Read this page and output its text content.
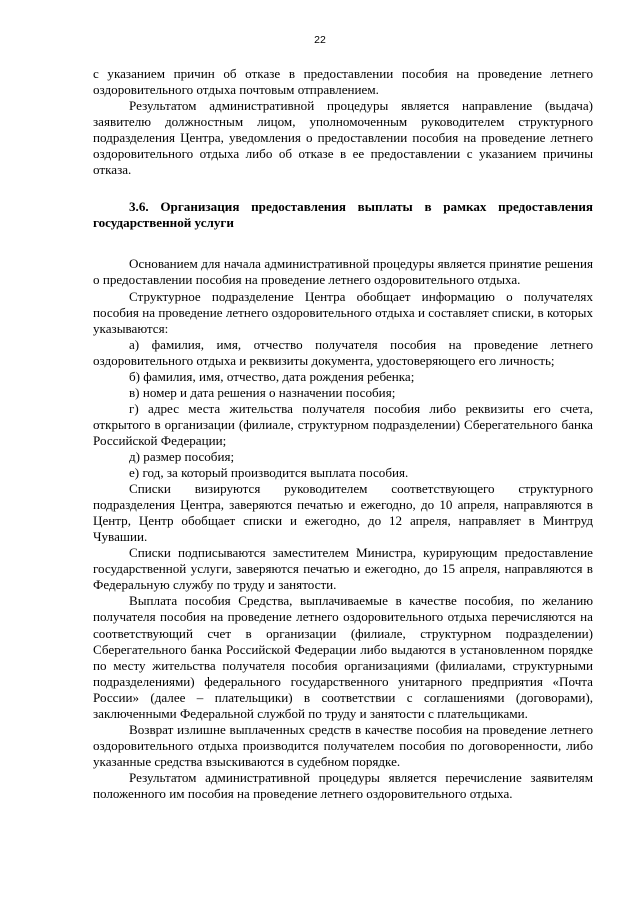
22

с указанием причин об отказе в предоставлении пособия на проведение летнего оздоровительного отдыха почтовым отправлением.

Результатом административной процедуры является направление (выдача) заявителю должностным лицом, уполномоченным руководителем структурного подразделения Центра, уведомления о предоставлении пособия на проведение летнего оздоровительного отдыха либо об отказе в ее предоставлении с указанием причины отказа.

3.6. Организация предоставления выплаты в рамках предоставления государственной услуги

Основанием для начала административной процедуры является принятие решения о предоставлении пособия на проведение летнего оздоровительного отдыха.

Структурное подразделение Центра обобщает информацию о получателях пособия на проведение летнего оздоровительного отдыха и составляет списки, в которых указываются:

а) фамилия, имя, отчество получателя пособия на проведение летнего оздоровительного отдыха и реквизиты документа, удостоверяющего его личность;

б) фамилия, имя, отчество, дата рождения ребенка;

в) номер и дата решения о назначении пособия;

г) адрес места жительства получателя пособия либо реквизиты его счета, открытого в организации (филиале, структурном подразделении) Сберегательного банка Российской Федерации;

д) размер пособия;

е) год, за который производится выплата пособия.

Списки визируются руководителем соответствующего структурного подразделения Центра, заверяются печатью и ежегодно, до 10 апреля, направляются в Центр, Центр обобщает списки и ежегодно, до 12 апреля, направляет в Минтруд Чувашии.

Списки подписываются заместителем Министра, курирующим предоставление государственной услуги, заверяются печатью и ежегодно, до 15 апреля, направляются в Федеральную службу по труду и занятости.

Выплата пособия Средства, выплачиваемые в качестве пособия, по желанию получателя пособия на проведение летнего оздоровительного отдыха перечисляются на соответствующий счет в организации (филиале, структурном подразделении) Сберегательного банка Российской Федерации либо выдаются в установленном порядке по месту жительства получателя пособия организациями (филиалами, структурными подразделениями) федерального государственного унитарного предприятия «Почта России» (далее – плательщики) в соответствии с соглашениями (договорами), заключенными Федеральной службой по труду и занятости с плательщиками.

Возврат излишне выплаченных средств в качестве пособия на проведение летнего оздоровительного отдыха производится получателем пособия по договоренности, либо указанные средства взыскиваются в судебном порядке.

Результатом административной процедуры является перечисление заявителям положенного им пособия на проведение летнего оздоровительного отдыха.
